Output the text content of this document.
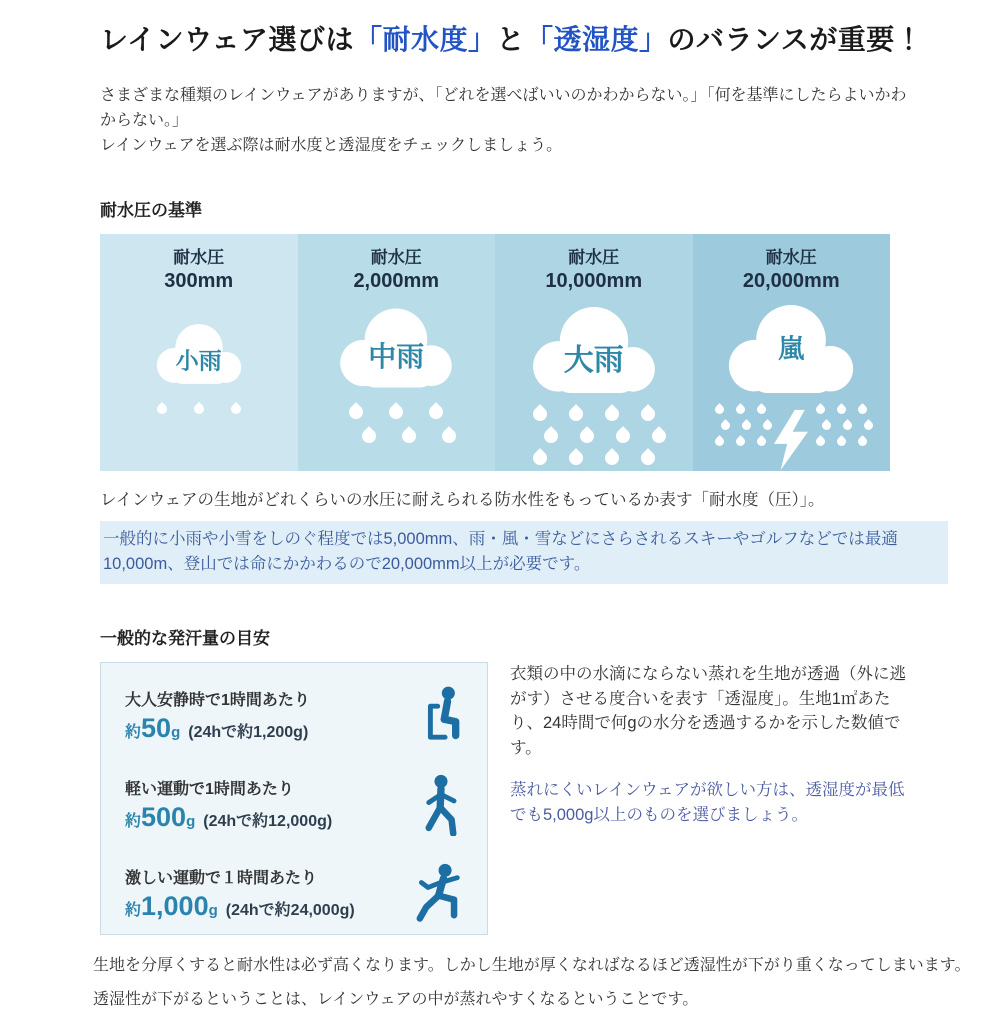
レインウェア選びは「耐水度」と「透湿度」のバランスが重要！

さまざまな種類のレインウェアがありますが、「どれを選べばいいのかわからない。」「何を基準にしたらよいかわからない。」

レインウェアを選ぶ際は耐水度と透湿度をチェックしましょう。

耐水圧の基準
耐水圧
300mm
小雨
耐水圧
2,000mm
中雨
耐水圧
10,000mm
大雨
耐水圧
20,000mm
嵐

レインウェアの生地がどれくらいの水圧に耐えられる防水性をもっているか表す「耐水度（圧）」。

一般的に小雨や小雪をしのぐ程度では5,000mm、雨・風・雪などにさらされるスキーやゴルフなどでは最適10,000m、登山では命にかかわるので20,000mm以上が必要です。

一般的な発汗量の目安
大人安静時で1時間あたり
約50g (24hで約1,200g)
軽い運動で1時間あたり
約500g (24hで約12,000g)
激しい運動で１時間あたり
約1,000g (24hで約24,000g)

衣類の中の水滴にならない蒸れを生地が透過（外に逃がす）させる度合いを表す「透湿度」。生地1㎡あたり、24時間で何gの水分を透過するかを示した数値です。

蒸れにくいレインウェアが欲しい方は、透湿度が最低でも5,000g以上のものを選びましょう。

生地を分厚くすると耐水性は必ず高くなります。しかし生地が厚くなればなるほど透湿性が下がり重くなってしまいます。

透湿性が下がるということは、レインウェアの中が蒸れやすくなるということです。
